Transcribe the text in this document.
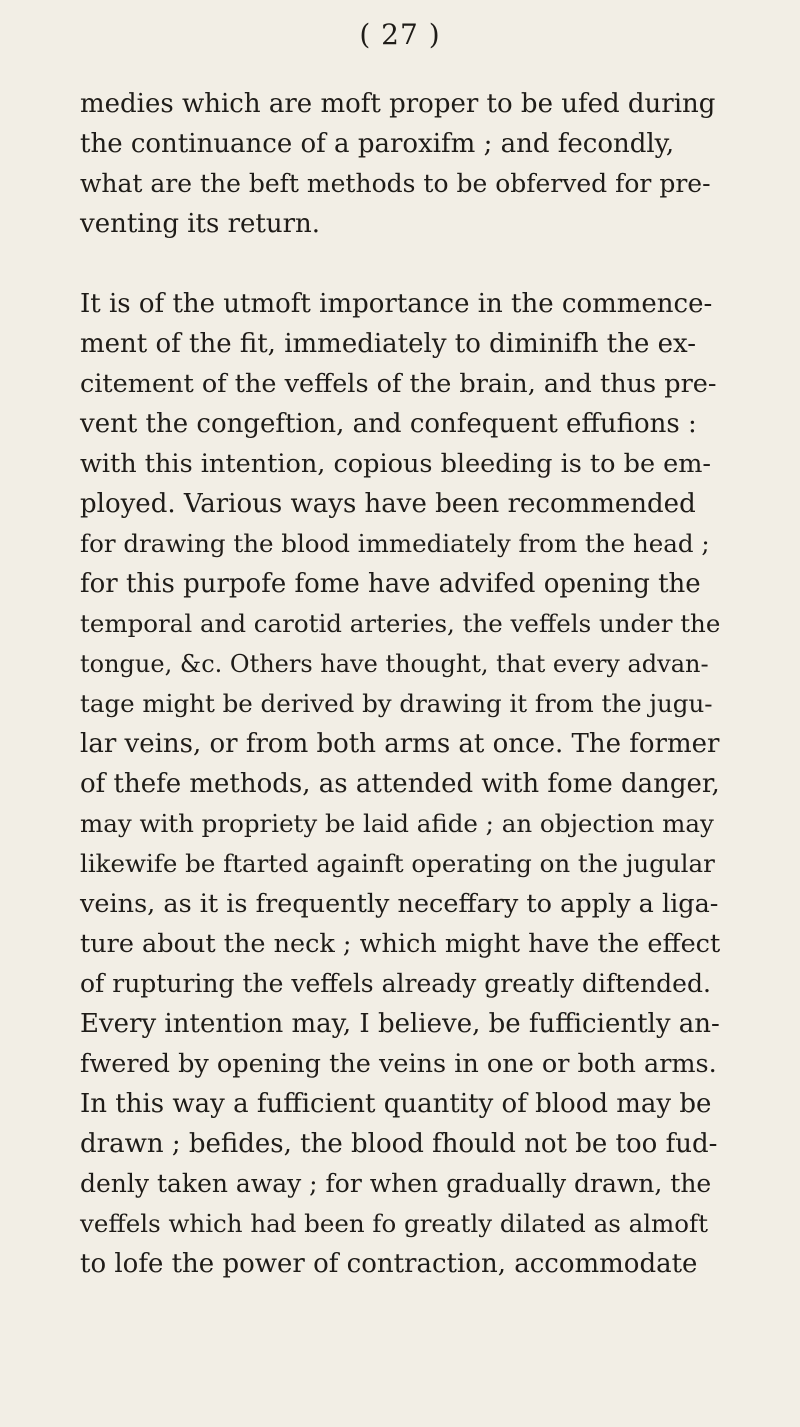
( 27 )
medies which are moft proper to be ufed during
the continuance of a paroxifm ; and fecondly,
what are the beft methods to be obferved for pre-
venting its return.
It is of the utmoft importance in the commence-
ment of the fit, immediately to diminifh the ex-
citement of the veffels of the brain, and thus pre-
vent the congeftion, and confequent effufions :
with this intention, copious bleeding is to be em-
ployed. Various ways have been recommended
for drawing the blood immediately from the head ;
for this purpofe fome have advifed opening the
temporal and carotid arteries, the veffels under the
tongue, &c. Others have thought, that every advan-
tage might be derived by drawing it from the jugu-
lar veins, or from both arms at once. The former
of thefe methods, as attended with fome danger,
may with propriety be laid afide ; an objection may
likewife be ftarted againft operating on the jugular
veins, as it is frequently neceffary to apply a liga-
ture about the neck ; which might have the effect
of rupturing the veffels already greatly diftended.
Every intention may, I believe, be fufficiently an-
fwered by opening the veins in one or both arms.
In this way a fufficient quantity of blood may be
drawn ; befides, the blood fhould not be too fud-
denly taken away ; for when gradually drawn, the
veffels which had been fo greatly dilated as almoft
to lofe the power of contraction, accommodate
